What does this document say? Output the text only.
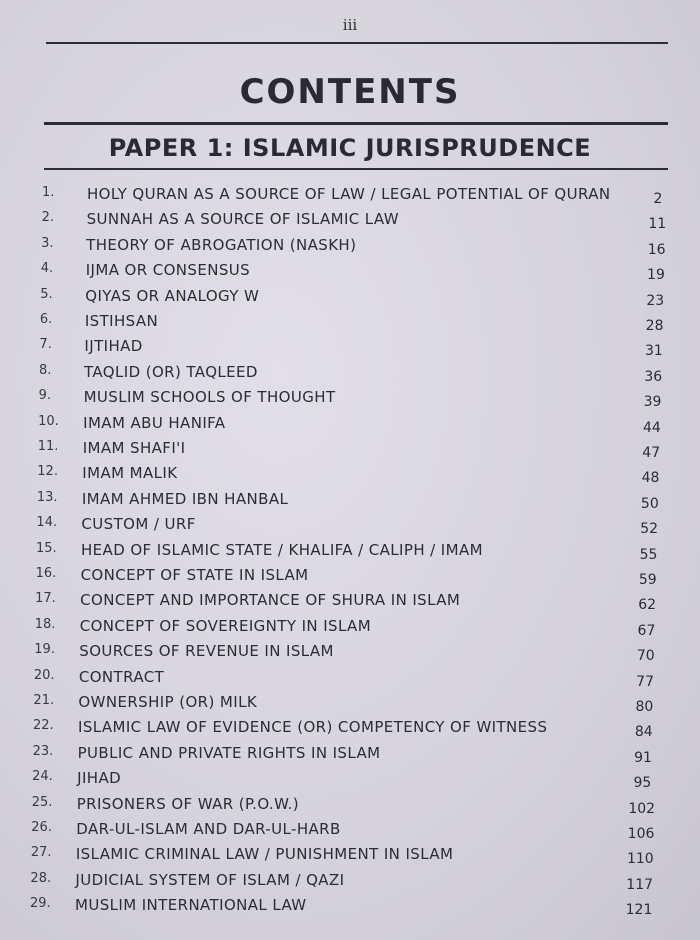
iii
CONTENTS
PAPER 1: ISLAMIC JURISPRUDENCE
1. HOLY QURAN AS A SOURCE OF LAW / LEGAL POTENTIAL OF QURAN	2
2. SUNNAH AS A SOURCE OF ISLAMIC LAW	11
3. THEORY OF ABROGATION (NASKH)	16
4. IJMA OR CONSENSUS	19
5. QIYAS OR ANALOGY W	23
6. ISTIHSAN	28
7. IJTIHAD	31
8. TAQLID (OR) TAQLEED	36
9. MUSLIM SCHOOLS OF THOUGHT	39
10. IMAM ABU HANIFA	44
11. IMAM SHAFI'I	47
12. IMAM MALIK	48
13. IMAM AHMED IBN HANBAL	50
14. CUSTOM / URF	52
15. HEAD OF ISLAMIC STATE / KHALIFA / CALIPH / IMAM	55
16. CONCEPT OF STATE IN ISLAM	59
17. CONCEPT AND IMPORTANCE OF SHURA IN ISLAM	62
18. CONCEPT OF SOVEREIGNTY IN ISLAM	67
19. SOURCES OF REVENUE IN ISLAM	70
20. CONTRACT	77
21. OWNERSHIP (OR) MILK	80
22. ISLAMIC LAW OF EVIDENCE (OR) COMPETENCY OF WITNESS	84
23. PUBLIC AND PRIVATE RIGHTS IN ISLAM	91
24. JIHAD	95
25. PRISONERS OF WAR (P.O.W.)	102
26. DAR-UL-ISLAM AND DAR-UL-HARB	106
27. ISLAMIC CRIMINAL LAW / PUNISHMENT IN ISLAM	110
28. JUDICIAL SYSTEM OF ISLAM / QAZI	117
29. MUSLIM INTERNATIONAL LAW	121
